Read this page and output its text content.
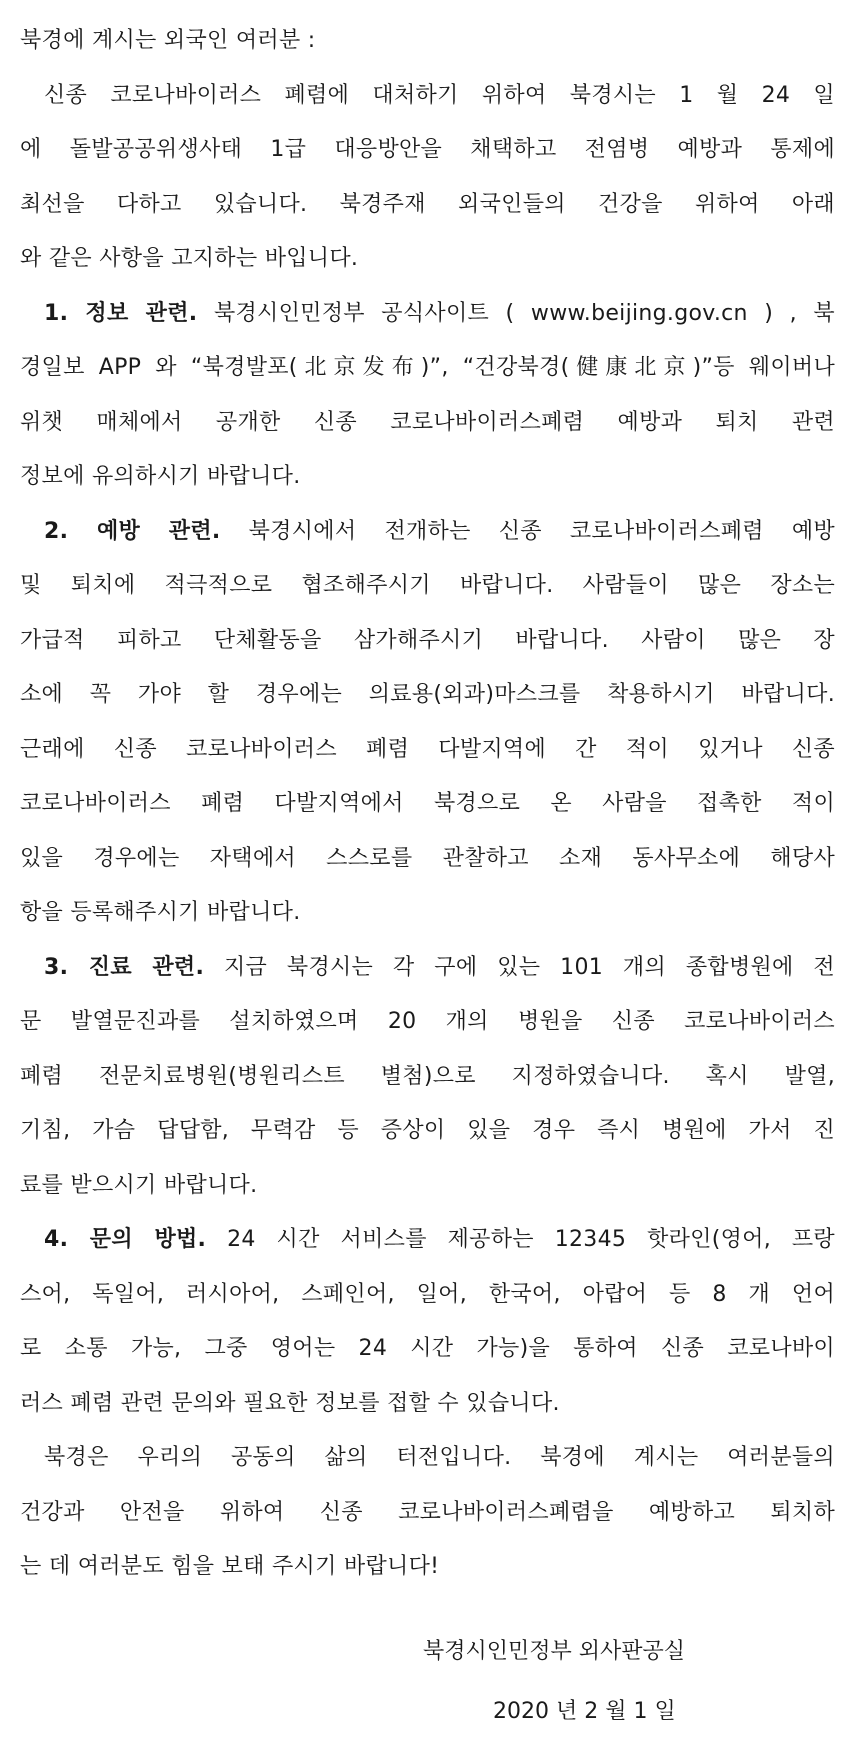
북경에 계시는 외국인 여러분 :
신종 코로나바이러스 폐렴에 대처하기 위하여 북경시는 1 월 24 일
에 돌발공공위생사태 1급 대응방안을 채택하고 전염병 예방과 통제에
최선을 다하고 있습니다. 북경주재 외국인들의 건강을 위하여 아래
와 같은 사항을 고지하는 바입니다.
1. 정보 관련. 북경시인민정부 공식사이트 ( www.beijing.gov.cn ) , 북
경일보 APP 와 “북경발포(北京发布)”, “건강북경(健康北京)”등 웨이버나
위챗 매체에서 공개한 신종 코로나바이러스폐렴 예방과 퇴치 관련
정보에 유의하시기 바랍니다.
2. 예방 관련. 북경시에서 전개하는 신종 코로나바이러스폐렴 예방
및 퇴치에 적극적으로 협조해주시기 바랍니다. 사람들이 많은 장소는
가급적 피하고 단체활동을 삼가해주시기 바랍니다. 사람이 많은 장
소에 꼭 가야 할 경우에는 의료용(외과)마스크를 착용하시기 바랍니다.
근래에 신종 코로나바이러스 폐렴 다발지역에 간 적이 있거나 신종
코로나바이러스 폐렴 다발지역에서 북경으로 온 사람을 접촉한 적이
있을 경우에는 자택에서 스스로를 관찰하고 소재 동사무소에 해당사
항을 등록해주시기 바랍니다.
3. 진료 관련. 지금 북경시는 각 구에 있는 101 개의 종합병원에 전
문 발열문진과를 설치하였으며 20 개의 병원을 신종 코로나바이러스
폐렴 전문치료병원(병원리스트 별첨)으로 지정하였습니다. 혹시 발열,
기침, 가슴 답답함, 무력감 등 증상이 있을 경우 즉시 병원에 가서 진
료를 받으시기 바랍니다.
4. 문의 방법. 24 시간 서비스를 제공하는 12345 핫라인(영어, 프랑
스어, 독일어, 러시아어, 스페인어, 일어, 한국어, 아랍어 등 8 개 언어
로 소통 가능, 그중 영어는 24 시간 가능)을 통하여 신종 코로나바이
러스 폐렴 관련 문의와 필요한 정보를 접할 수 있습니다.
북경은 우리의 공동의 삶의 터전입니다. 북경에 계시는 여러분들의
건강과 안전을 위하여 신종 코로나바이러스폐렴을 예방하고 퇴치하
는 데 여러분도 힘을 보태 주시기 바랍니다!
북경시인민정부 외사판공실
2020 년 2 월 1 일
